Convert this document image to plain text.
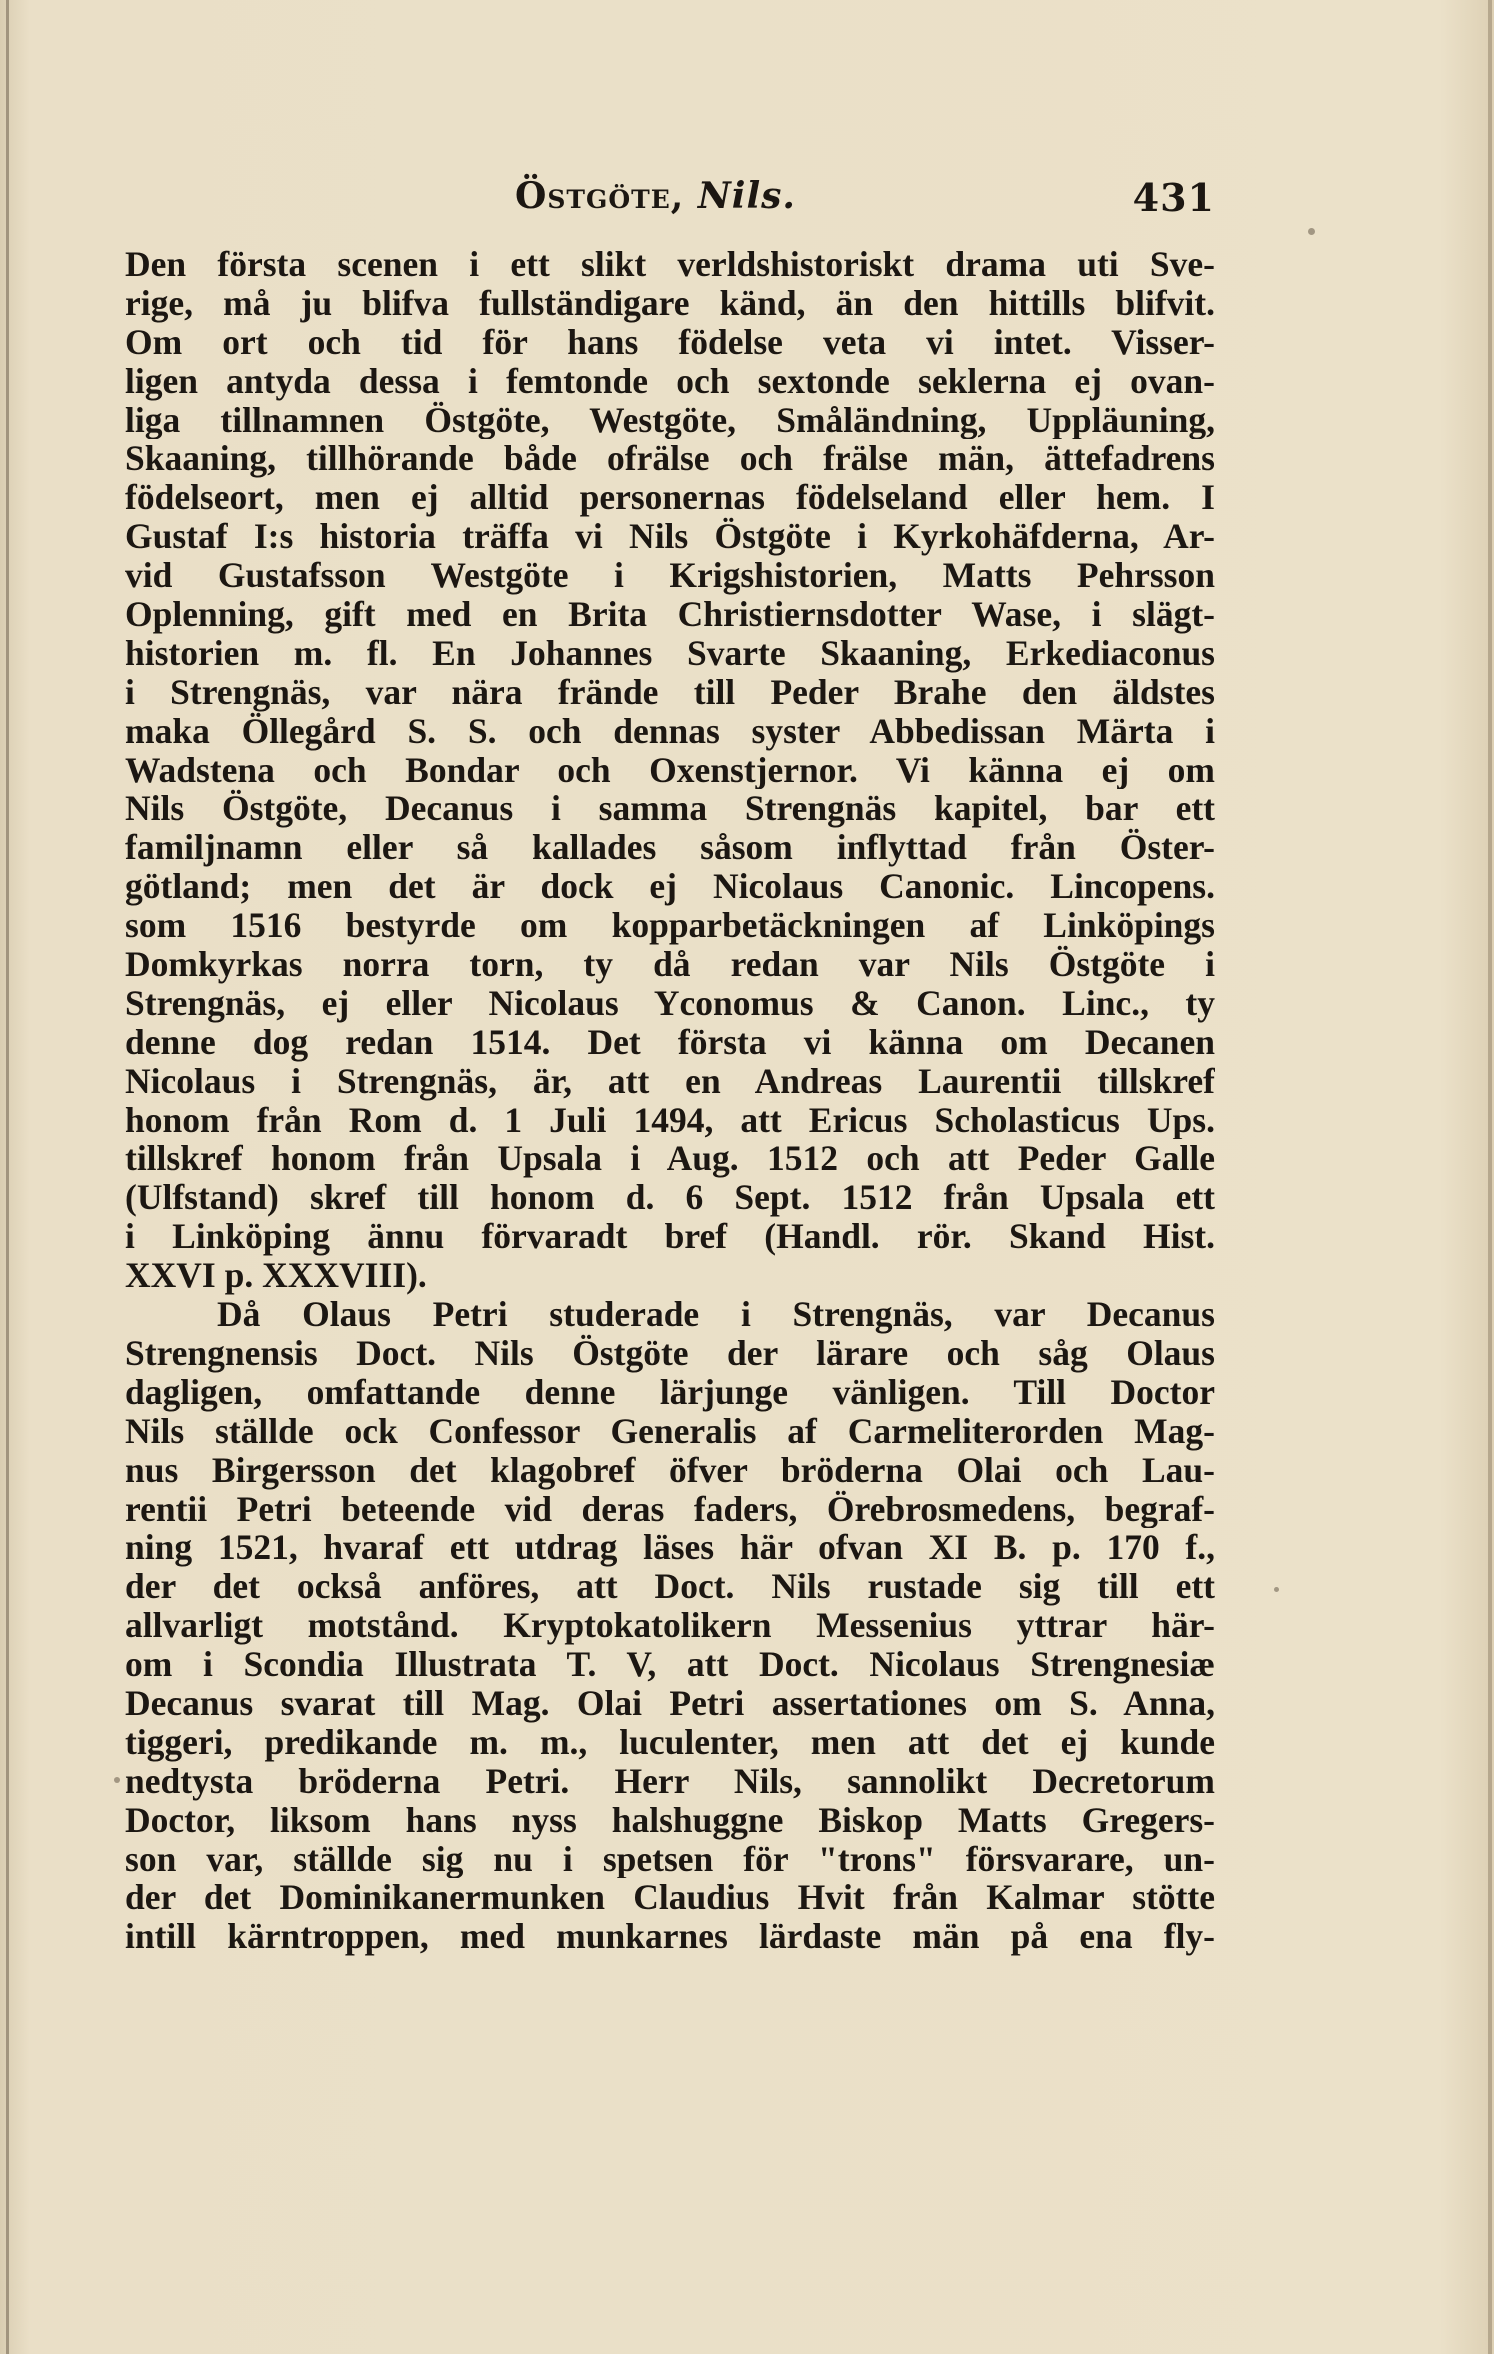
Östgöte, Nils.	431
Den första scenen i ett slikt verldshistoriskt drama uti Sve-
rige, må ju blifva fullständigare känd, än den hittills blifvit.
Om ort och tid för hans födelse veta vi intet. Visser-
ligen antyda dessa i femtonde och sextonde seklerna ej ovan-
liga tillnamnen Östgöte, Westgöte, Småländning, Uppläuning,
Skaaning, tillhörande både ofrälse och frälse män, ättefadrens
födelseort, men ej alltid personernas födelseland eller hem. I
Gustaf I:s historia träffa vi Nils Östgöte i Kyrkohäfderna, Ar-
vid Gustafsson Westgöte i Krigshistorien, Matts Pehrsson
Oplenning, gift med en Brita Christiernsdotter Wase, i slägt-
historien m. fl. En Johannes Svarte Skaaning, Erkediaconus
i Strengnäs, var nära frände till Peder Brahe den äldstes
maka Öllegård S. S. och dennas syster Abbedissan Märta i
Wadstena och Bondar och Oxenstjernor. Vi känna ej om
Nils Östgöte, Decanus i samma Strengnäs kapitel, bar ett
familjnamn eller så kallades såsom inflyttad från Öster-
götland; men det är dock ej Nicolaus Canonic. Lincopens.
som 1516 bestyrde om kopparbetäckningen af Linköpings
Domkyrkas norra torn, ty då redan var Nils Östgöte i
Strengnäs, ej eller Nicolaus Yconomus & Canon. Linc., ty
denne dog redan 1514. Det första vi känna om Decanen
Nicolaus i Strengnäs, är, att en Andreas Laurentii tillskref
honom från Rom d. 1 Juli 1494, att Ericus Scholasticus Ups.
tillskref honom från Upsala i Aug. 1512 och att Peder Galle
(Ulfstand) skref till honom d. 6 Sept. 1512 från Upsala ett
i Linköping ännu förvaradt bref (Handl. rör. Skand Hist.
XXVI p. XXXVIII).
Då Olaus Petri studerade i Strengnäs, var Decanus
Strengnensis Doct. Nils Östgöte der lärare och såg Olaus
dagligen, omfattande denne lärjunge vänligen. Till Doctor
Nils ställde ock Confessor Generalis af Carmeliterorden Mag-
nus Birgersson det klagobref öfver bröderna Olai och Lau-
rentii Petri beteende vid deras faders, Örebrosmedens, begraf-
ning 1521, hvaraf ett utdrag läses här ofvan XI B. p. 170 f.,
der det också anföres, att Doct. Nils rustade sig till ett
allvarligt motstånd. Kryptokatolikern Messenius yttrar här-
om i Scondia Illustrata T. V, att Doct. Nicolaus Strengnesiæ
Decanus svarat till Mag. Olai Petri assertationes om S. Anna,
tiggeri, predikande m. m., luculenter, men att det ej kunde
nedtysta bröderna Petri. Herr Nils, sannolikt Decretorum
Doctor, liksom hans nyss halshuggne Biskop Matts Gregers-
son var, ställde sig nu i spetsen för "trons" försvarare, un-
der det Dominikanermunken Claudius Hvit från Kalmar stötte
intill kärntroppen, med munkarnes lärdaste män på ena fly-
